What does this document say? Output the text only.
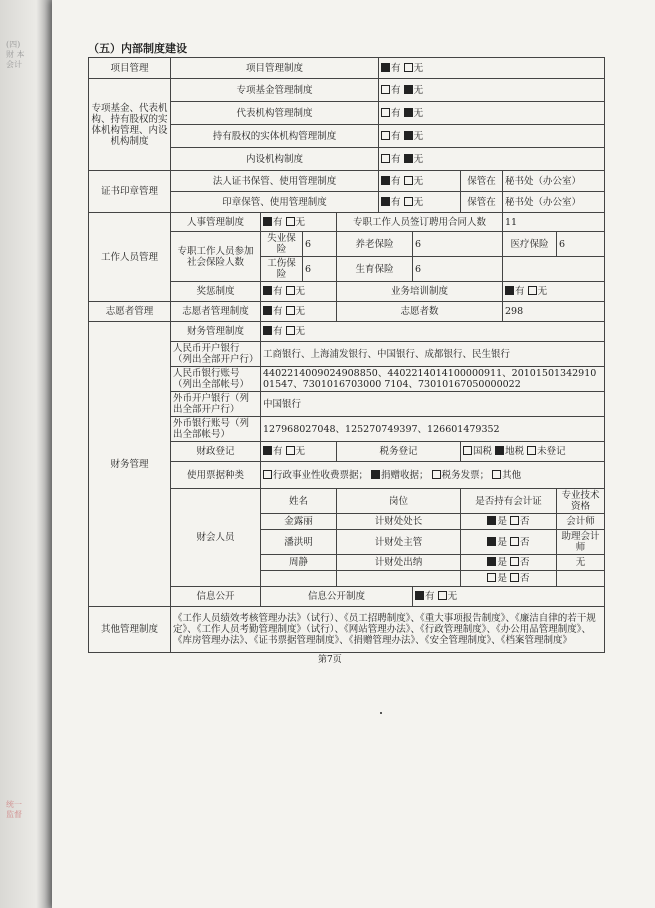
(四) 财 本 会计
统一 监督
（五）内部制度建设
项目管理	项目管理制度				有 无				
专项基金、代表机构、持有股权的实体机构管理、内设机构制度	专项基金管理制度				有 无				
	代表机构管理制度				有 无				
	持有股权的实体机构管理制度				有 无				
	内设机构制度				有 无				
证书印章管理	法人证书保管、使用管理制度				有 无		保管在	秘书处（办公室）	
	印章保管、使用管理制度				有 无		保管在	秘书处（办公室）	
工作人员管理	人事管理制度	有 无		专职工作人员签订聘用合同人数				11	
	专职工作人员参加社会保险人数	失业保险	6	养老保险		6		医疗保险	6
		工伤保险	6	生育保险		6			
	奖惩制度	有 无		业务培训制度				有 无	
志愿者管理	志愿者管理制度	有 无		志愿者数				298	
财务管理	财务管理制度	有 无							
	人民币开户银行（列出全部开户行）	工商银行、上海浦发银行、中国银行、成都银行、民生银行							
	人民币银行账号（列出全部帐号）	4402214009024908850、4402214014100000911、2010150134291001547、7301016703000 7104、73010167050000022							
	外币开户银行（列出全部开户行）	中国银行							
	外币银行账号（列出全部帐号）	127968027048、125270749397、126601479352							
	财政登记	有 无		税务登记			国税 地税 未登记		
	使用票据种类	行政事业性收费票据； 捐赠收据； 税务发票； 其他							
	财会人员	姓名		岗位			是否持有会计证		专业技术资格
		金露丽		计财处处长			是 否		会计师
		潘洪明		计财处主管			是 否		助理会计师
		周静		计财处出纳			是 否		无
							是 否		
	信息公开	信息公开制度				有 无			
其他管理制度	《工作人员绩效考核管理办法》（试行）、《员工招聘制度》、《重大事项报告制度》、《廉洁自律的若干规定》、《工作人员考勤管理制度》（试行）、《网站管理办法》、《行政管理制度》、《办公用品管理制度》、《库房管理办法》、《证书票据管理制度》、《捐赠管理办法》、《安全管理制度》、《档案管理制度》								
第7页
